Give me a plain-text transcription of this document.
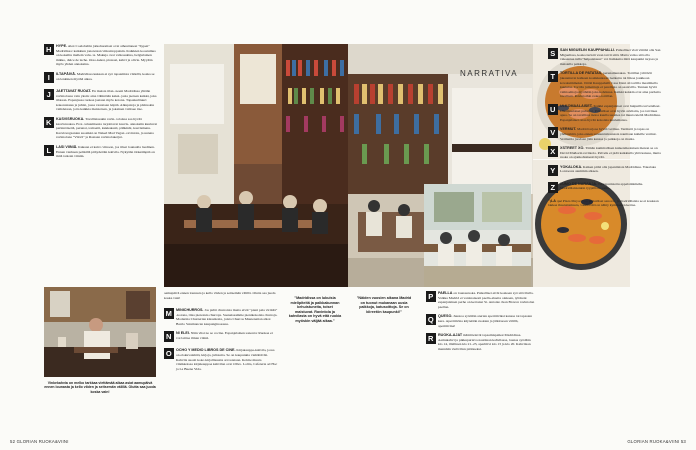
H	HYPE. Alex Coelobeltin jatkohuomaat ovat aiheuttaneet "hypen" Madridissa: kaikkien jonotetaan viikonloppuisin. Kaikkien koostumus on kokeiltu mellein valu- ta. Makuja ovat valkosuklaa, belgialainen mikko, dulce de leche. Oreo-keksi, pistaasi, kahvi ja olivia. Myyään myös yhden annoksina.
I	ILTAPÄIVÄ. Madridissa kukaan ei syö tapaamista viidellä, koska se on lenkinen myöhä aikaa.
J	JAETTAVAT RUOAT. En muista tilan- neeni Madridissa yhtään ravintolassa vain yksin: aina vähintään kaksi- jasia jaetaan kaikki, joka tilataan. Espanjassa ruokaa jaetaan myös kotona. Tapaskulttuuri kokonaisuus ja juhlat, jossa vastataan leipää. Alkupaloja ja pääruokia vaihdetaan, jotta kaikkia maistetaan, ja jokainen valitsee itse.
K	KASVISRUOKA. Tavallisissakin ravin- tolaissa saa hyvää kasvisruokaa. Erot- teluamisesta tarjoittavat kasvis- annoksiin kuuluvat perinnöisettä, perunat, tomaatti, kukkakaali, pähkinät, kasvismenu. Kasvisvegaanien suosikki on Naked Mad Vegan -ravintola, ja uutena ravintolana "Viirvä" ja Rastaan ravintolaketjut.
L	LASI VIINIÄ. Kukaan ei kaivo viinoon, jos tilaat lounaalla laadinen. Ennen vanhaan pelikillä pitäydettiin kahvila. Nykyään tärkeämpää on mitä tarkoin viiniin.
Vinkekahvia on melko tarkkaa viettämää aikaa asiat aamupäivä ennen lounasta ja kello viiden ja seitsemän välillä. Olutta saa juoda koska vain!
aamupäivä ennen lounasta ja kello viiden ja seitsemän välillä. Olutta saa juoda koska vain!
M	MINICHURROS. Jos pidät churroista mutta eivät "pieni pala virittää" -kotona, tilaa pienoisia churroja. Saaneissamme pienikokoisia churroja. Modernia Churrerian klassikoita, joista Churros Mautenatian alkoi Barrio Salamancan kaupunginosassa.
N	NI ELEI. Näin viisi no se cocina. Espanjalainen sanonta: Ruokaa ei voi laittaa ilman viiniä.
O	OCHO Y MEDIO LIBROS DE CINE. Kirjakauppa-kahvila, jossa on elokuvalehtiä, kirjoja, julisteita. Se on kaupunkia viehättävää. Kahvila suosii koko kirjallisuutta arvostetaan. Kolme muuta viisikkoisaa kirjakauppaa kahvilan ovat Olivo. Lolita, Cafeteria ad Hoc ja La Buena Vida.
"Madridissa on lukuisia mielipiteitä ja paikkakunnan kehuistuneita, toiset maistuvat. Ravintola ja kahvilasta on hyvä että ruokia myöskin väljää aikaa."
52 GLORIAN RUOKA&VIINI
NARRATIVA
"Näiden vuosien aikana Madrid on tuonut mukanaan uusia paikkoja, katusoittoja. Se on kiireetön kaupunki!"
P	PAELLA on lounasruoka. Paikalliset eivät koskaan syö sitä illalla. Valkka Madrid ei varsinaisesti paella-aluetta olekaan, tyttäreni espanjalainen perhe on kertonut St. Antonio Juan Bravon ravintolan paellan.
Q	QUESO. Juustoa syödään aterian aperitiiviksi kanssa tai tapasten kera. Aperitiivina käytetään ruokien ja jälkiruoan välillä, aperitiivina!
R	RUOKA-AJAT määrittelevät tapaamispaikat Madridissa. Aamukahvi ja pikkupurtava nautitaan kahvilassa, lounas syödään klo 14, illallinen klo 21–23, aperitiivi klo 13 ja klo 20. Kahvilaan mennään vielä illan päätteeksi.
S	SAN MIGUELIN KAUPPAHALLI. Palkalliset visit väittää olla San Miguelissa, koska turistit vaan tarvii siitä. Mutta voiko sitä olla vakaantua tulla "halpalaisuus" voi lisäkkeita mitä kaupunki tarjoaa ja maistella paikkoja.
T	TORTILLA DE PATATAS, perunamunakas. Tortillan yrittävät jakaantuvat kahteen koulukuntaan: ketkoitu tai liikaa joukkoon kovaksimmeksi. Jättää Kauppahalli Casa Dani oli tortilla maailmalla kuuluisa. Tortilla jumaittuja ei parempia on saatavilla. Tunnen hyviä vaihtoehtoja myöhään joka kohdassa. Kaikki kokkin ovat aina parhaita tavallaan. Ravintoihin raaka-tortillan.
U	ULKOMAALAISET. Kaikki espanjalaiset ovat huipuilla tervetulleet. Ulkomaalaiset puhuvat. Paikalliset ovat hyvin avuliaita, jos tarvitsee apua. Se on tavallista tietoa kuulla suomea tai muuta kieltä Madridissa. Espanjalaiset ottaa hyvää kokoisia kuulemansa.
V	VERMUT. Madrid tarjoaa hyvää vermua. Vermutti ja tapas on yhdistelmä, joka ennen sunnuntailounasta nautitaan kaikille vermut. Vermuttia juodaan jään kanssa ja paikkoja on monia.
X	XSTREET XO. Tämän kummallisen kaikenmaalaisen menon se on David Muñozin ravintola. Palvelu ei pidä kaikkialla yhtä kanssa, mutta ruoka on ajankohtaisesti hyvää.
Y	YOKALOKA. Kaiken pitää olla japanilaista Madridissa. Yokaloka Lontoosta aiemmin alkaen.
Z	ZUMO DE NARANJA. Tuorepuristettu appelsiinimehu. Madridilaistenkin tyypillisin aamu.
"¡LA qué Plaza Mayor!" — paikalliset sanovat, ja madridilaisia se ei koskaan lakkaa ihastuttamasta, vaikka tätä on nähty kymmenen kertaa.
GLORIAN RUOKA&VIINI 53
